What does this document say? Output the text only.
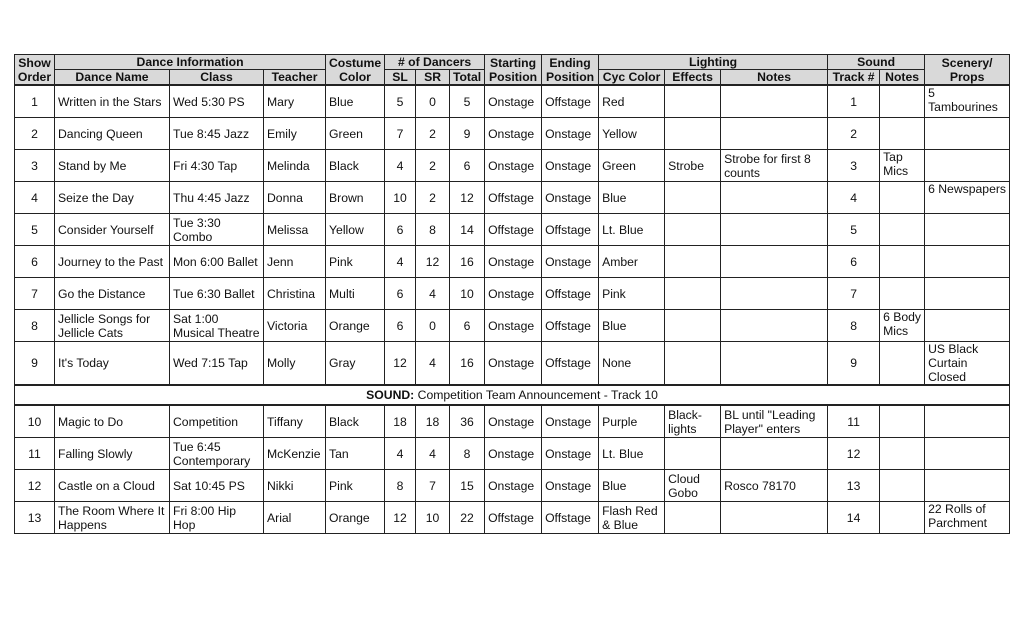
Show Order	Dance Information			Costume Color	# of Dancers			Starting Position	Ending Position	Lighting			Sound		Scenery/ Props
	Dance Name	Class	Teacher		SL	SR	Total			Cyc Color	Effects	Notes	Track #	Notes	
1	Written in the Stars	Wed 5:30 PS	Mary	Blue	5	0	5	Onstage	Offstage	Red			1		5 Tambourines
2	Dancing Queen	Tue 8:45 Jazz	Emily	Green	7	2	9	Onstage	Onstage	Yellow			2		
3	Stand by Me	Fri 4:30 Tap	Melinda	Black	4	2	6	Onstage	Onstage	Green	Strobe	Strobe for first 8 counts	3	Tap Mics	
4	Seize the Day	Thu 4:45 Jazz	Donna	Brown	10	2	12	Offstage	Onstage	Blue			4		6 Newspapers
5	Consider Yourself	Tue 3:30 Combo	Melissa	Yellow	6	8	14	Offstage	Offstage	Lt. Blue			5		
6	Journey to the Past	Mon 6:00 Ballet	Jenn	Pink	4	12	16	Onstage	Onstage	Amber			6		
7	Go the Distance	Tue 6:30 Ballet	Christina	Multi	6	4	10	Onstage	Offstage	Pink			7		
8	Jellicle Songs for Jellicle Cats	Sat 1:00 Musical Theatre	Victoria	Orange	6	0	6	Onstage	Offstage	Blue			8	6 Body Mics	
9	It's Today	Wed 7:15 Tap	Molly	Gray	12	4	16	Onstage	Offstage	None			9		US Black Curtain Closed
SOUND: Competition Team Announcement - Track 10															
10	Magic to Do	Competition	Tiffany	Black	18	18	36	Onstage	Onstage	Purple	Black-lights	BL until "Leading Player" enters	11		
11	Falling Slowly	Tue 6:45 Contemporary	McKenzie	Tan	4	4	8	Onstage	Onstage	Lt. Blue			12		
12	Castle on a Cloud	Sat 10:45 PS	Nikki	Pink	8	7	15	Onstage	Onstage	Blue	Cloud Gobo	Rosco 78170	13		
13	The Room Where It Happens	Fri 8:00 Hip Hop	Arial	Orange	12	10	22	Offstage	Offstage	Flash Red & Blue			14		22 Rolls of Parchment
